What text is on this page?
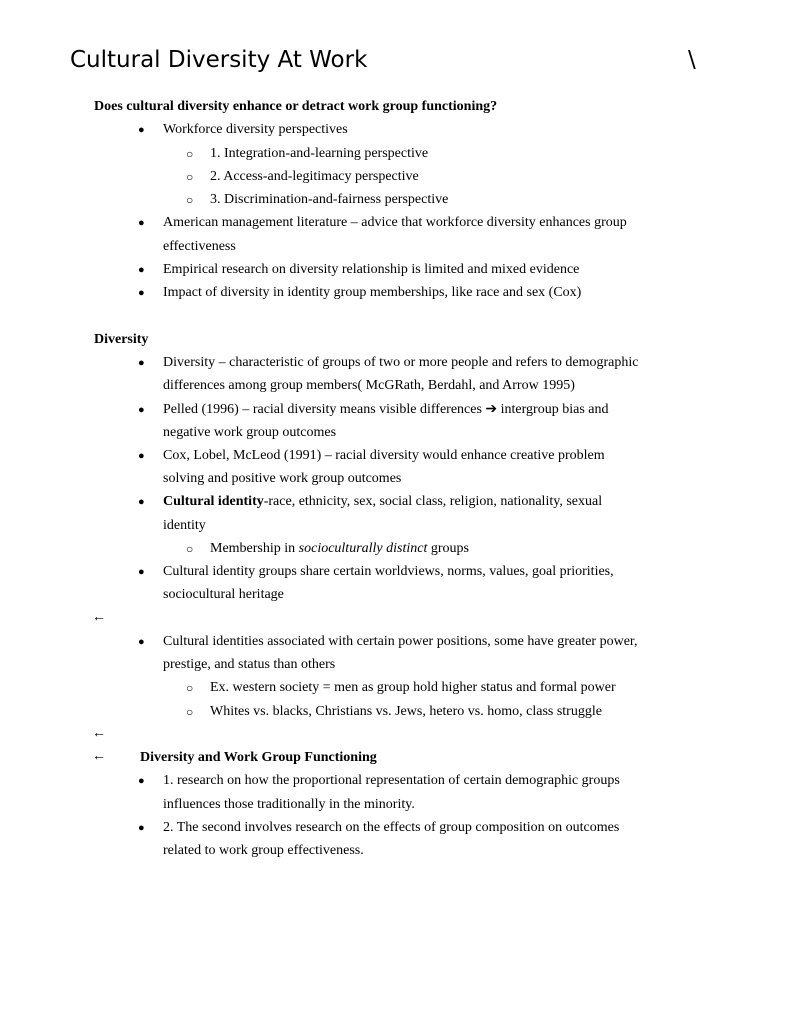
Cultural Diversity At Work	\
Does cultural diversity enhance or detract work group functioning?
● Workforce diversity perspectives
○ 1. Integration-and-learning perspective
○ 2. Access-and-legitimacy perspective
○ 3. Discrimination-and-fairness perspective
● American management literature – advice that workforce diversity enhances group
effectiveness
● Empirical research on diversity relationship is limited and mixed evidence
● Impact of diversity in identity group memberships, like race and sex (Cox)
Diversity
● Diversity – characteristic of groups of two or more people and refers to demographic
differences among group members( McGRath, Berdahl, and Arrow 1995)
● Pelled (1996) – racial diversity means visible differences ➔ intergroup bias and
negative work group outcomes
● Cox, Lobel, McLeod (1991) – racial diversity would enhance creative problem
solving and positive work group outcomes
● Cultural identity-race, ethnicity, sex, social class, religion, nationality, sexual
identity
○ Membership in socioculturally distinct groups
● Cultural identity groups share certain worldviews, norms, values, goal priorities,
sociocultural heritage
←
● Cultural identities associated with certain power positions, some have greater power,
prestige, and status than others
○ Ex. western society = men as group hold higher status and formal power
○ Whites vs. blacks, Christians vs. Jews, hetero vs. homo, class struggle
←
← Diversity and Work Group Functioning
● 1. research on how the proportional representation of certain demographic groups
influences those traditionally in the minority.
● 2. The second involves research on the effects of group composition on outcomes
related to work group effectiveness.
